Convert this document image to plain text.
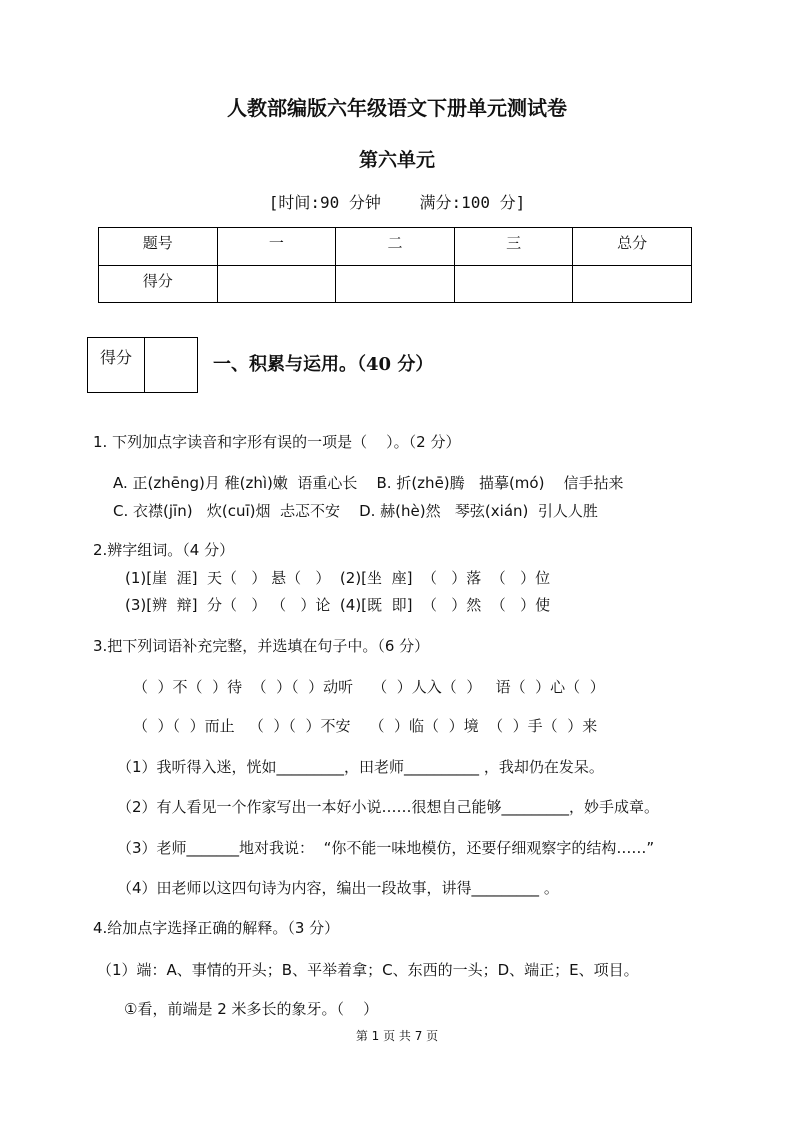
人教部编版六年级语文下册单元测试卷
第六单元
[时间:90 分钟    满分:100 分]
题号	一	二	三	总分
得分				
得分	一、积累与运用。（40 分）
1. 下列加点字读音和字形有误的一项是（    ）。（2 分）
A. 正(zhēng)月 稚(zhì)嫩  语重心长    B. 折(zhē)腾   描摹(mó)    信手拈来
C. 衣襟(jīn)   炊(cuī)烟  忐忑不安    D. 赫(hè)然   琴弦(xián)  引人人胜
2.辨字组词。（4 分）
(1)[崖  涯]  天（   ） 悬（   ）  (2)[坐  座]  （   ）落  （   ）位
(3)[辨  辩]  分（   ） （   ）论  (4)[既  即]  （   ）然  （   ）使
3.把下列词语补充完整，并选填在句子中。（6 分）
（  ）不（  ）待  （  ）（  ）动听    （  ）人入（  ）   语（  ）心（  ）
（  ）（  ）而止   （  ）（  ）不安    （  ）临（  ）境  （  ）手（  ）来
（1）我听得入迷，恍如_________，田老师__________ ，我却仍在发呆。
（2）有人看见一个作家写出一本好小说……很想自己能够_________，妙手成章。
（3）老师_______地对我说：  “你不能一味地模仿，还要仔细观察字的结构……”
（4）田老师以这四句诗为内容，编出一段故事，讲得_________ 。
4.给加点字选择正确的解释。（3 分）
（1）端：A、事情的开头；B、平举着拿；C、东西的一头；D、端正；E、项目。
①看，前端是 2 米多长的象牙。（    ）
第 1 页 共 7 页
